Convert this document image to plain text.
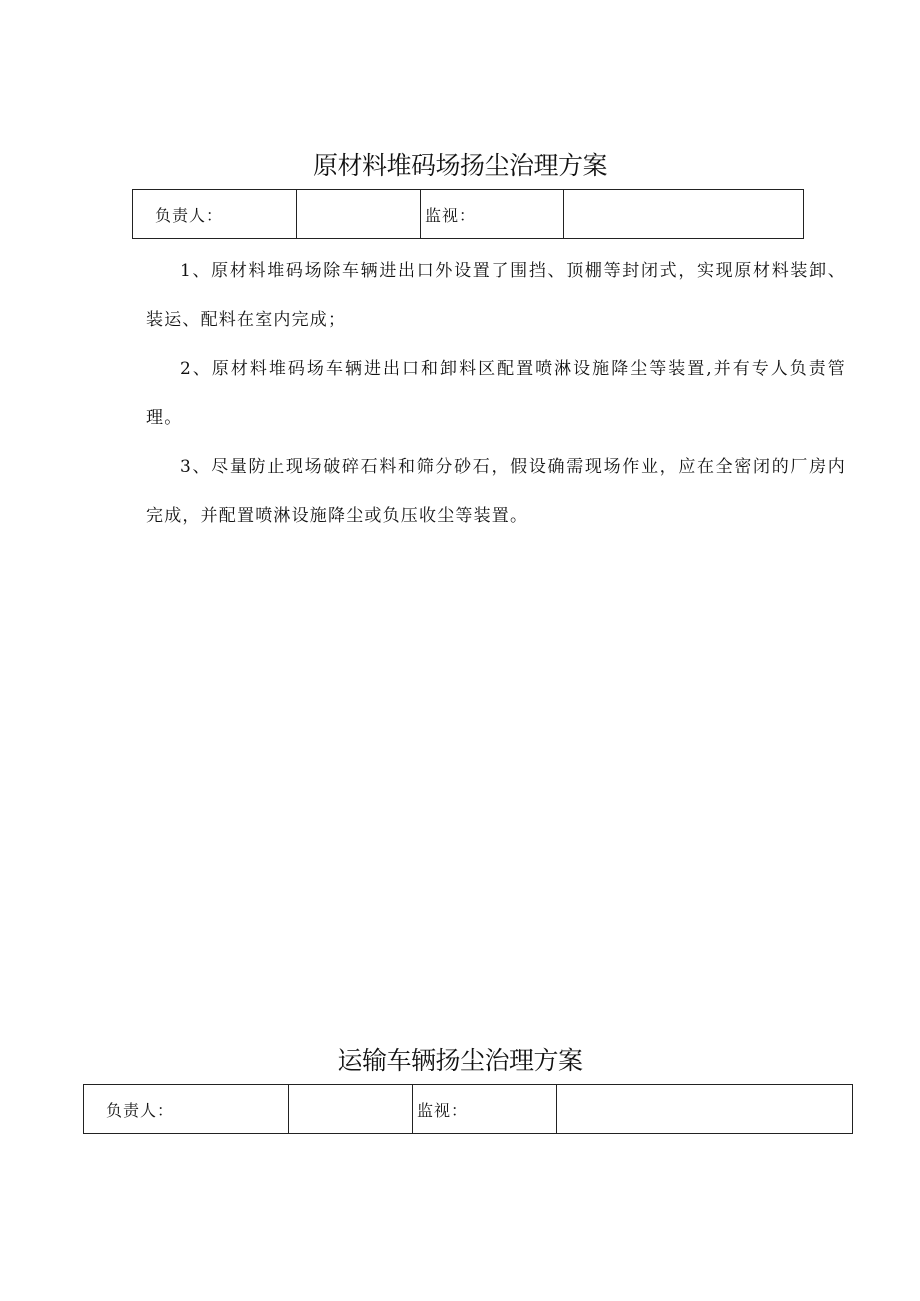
原材料堆码场扬尘治理方案
负责人：		监视：	

1、原材料堆码场除车辆进出口外设置了围挡、顶棚等封闭式，实现原材料装卸、装运、配料在室内完成；

2、原材料堆码场车辆进出口和卸料区配置喷淋设施降尘等装置,并有专人负责管理。

3、尽量防止现场破碎石料和筛分砂石，假设确需现场作业，应在全密闭的厂房内完成，并配置喷淋设施降尘或负压收尘等装置。

运输车辆扬尘治理方案
负责人：		监视：	
